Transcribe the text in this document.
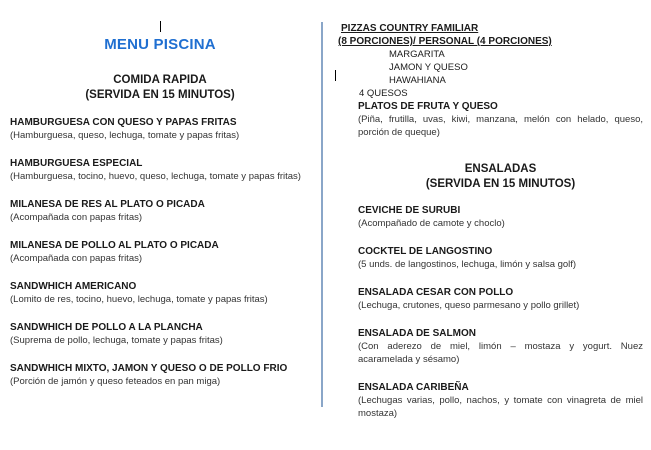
MENU PISCINA
COMIDA RAPIDA
(SERVIDA EN 15 MINUTOS)
HAMBURGUESA CON QUESO Y PAPAS FRITAS
(Hamburguesa, queso, lechuga, tomate y papas fritas)
HAMBURGUESA ESPECIAL
(Hamburguesa, tocino, huevo, queso, lechuga, tomate y papas fritas)
MILANESA DE RES AL PLATO O PICADA
(Acompañada con papas fritas)
MILANESA DE POLLO AL PLATO O PICADA
(Acompañada con papas fritas)
SANDWHICH AMERICANO
(Lomito de res, tocino, huevo, lechuga, tomate y papas fritas)
SANDWHICH DE POLLO A LA PLANCHA
(Suprema de pollo, lechuga, tomate y papas fritas)
SANDWHICH MIXTO, JAMON Y QUESO O DE POLLO FRIO
(Porción de jamón y queso feteados en pan miga)
PIZZAS COUNTRY FAMILIAR
(8 PORCIONES)/ PERSONAL (4 PORCIONES)
MARGARITA
JAMON Y QUESO
HAWAHIANA
4 QUESOS
PLATOS DE FRUTA Y QUESO
(Piña, frutilla, uvas, kiwi, manzana, melón con helado, queso, porción de queque)
ENSALADAS
(SERVIDA EN 15 MINUTOS)
CEVICHE DE SURUBI
(Acompañado de camote y choclo)
COCKTEL DE LANGOSTINO
(5 unds. de langostinos, lechuga, limón y salsa golf)
ENSALADA CESAR CON POLLO
(Lechuga, crutones, queso parmesano y pollo grillet)
ENSALADA DE SALMON
(Con aderezo de miel, limón – mostaza y yogurt. Nuez acaramelada y sésamo)
ENSALADA CARIBEÑA
(Lechugas varias, pollo, nachos, y tomate con vinagreta de miel mostaza)
